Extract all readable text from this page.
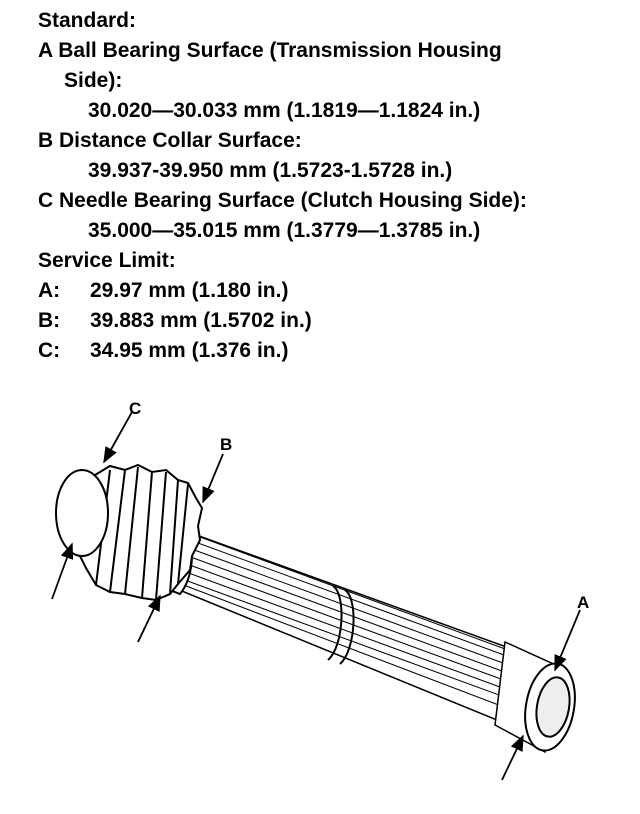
Standard:
A Ball Bearing Surface (Transmission Housing
Side):
30.020—30.033 mm (1.1819—1.1824 in.)
B Distance Collar Surface:
39.937-39.950 mm (1.5723-1.5728 in.)
C Needle Bearing Surface (Clutch Housing Side):
35.000—35.015 mm (1.3779—1.3785 in.)
Service Limit:
A: 29.97 mm (1.180 in.)
B: 39.883 mm (1.5702 in.)
C: 34.95 mm (1.376 in.)
C
B
A
